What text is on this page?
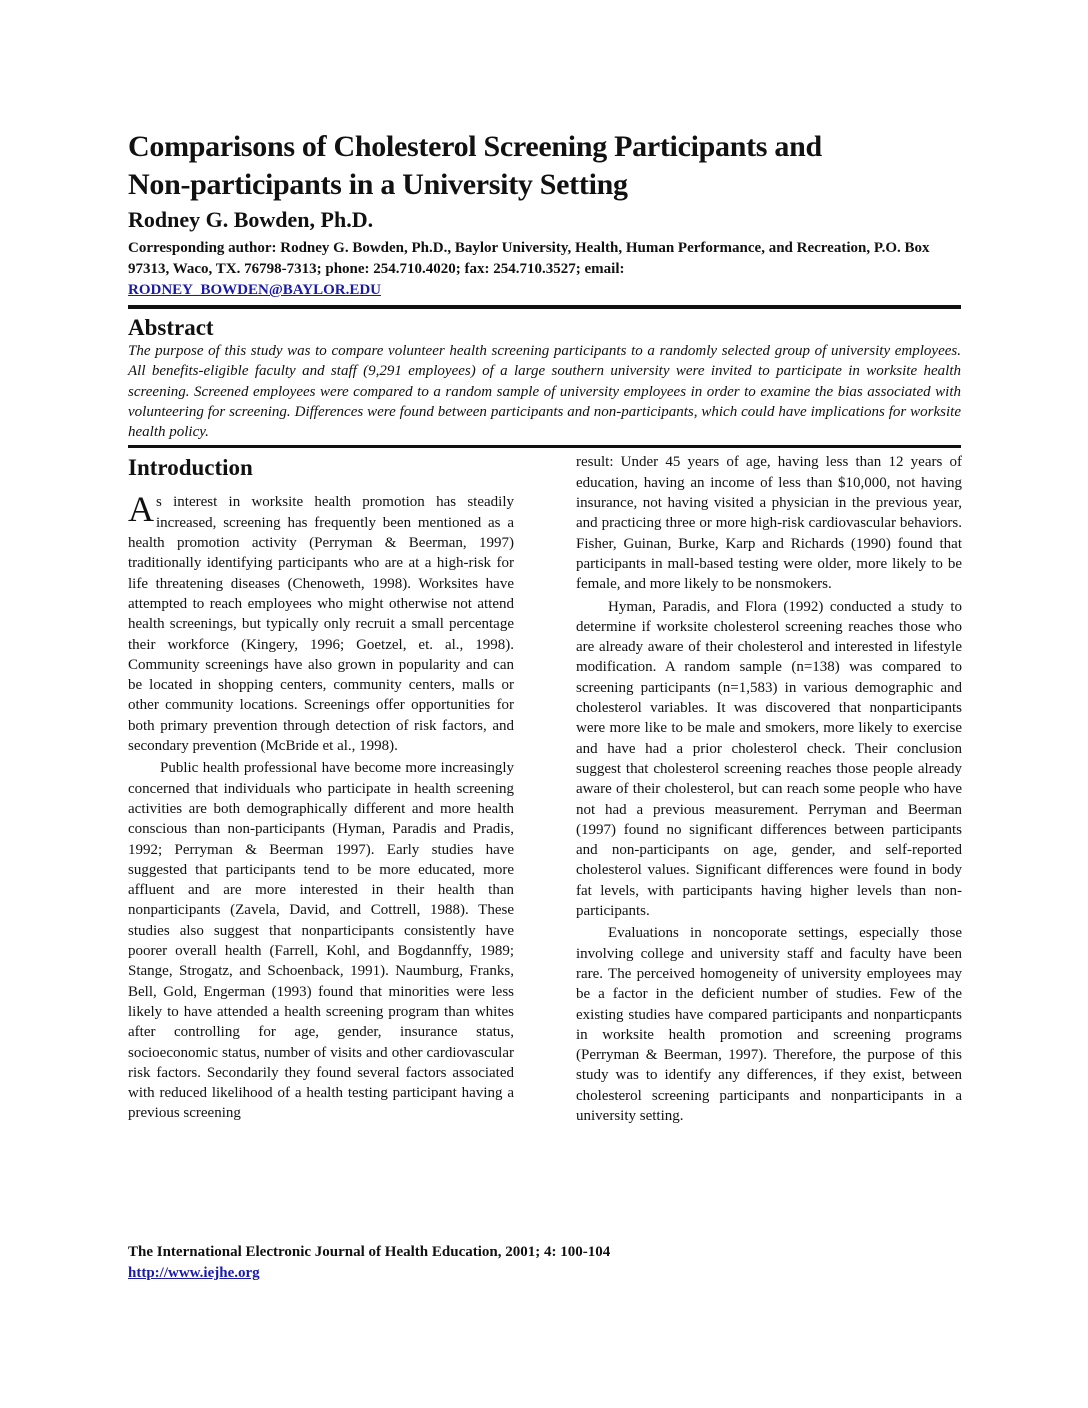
Comparisons of Cholesterol Screening Participants and
Non-participants in a University Setting
Rodney G. Bowden, Ph.D.

Corresponding author: Rodney G. Bowden, Ph.D., Baylor University, Health, Human Performance, and Recreation, P.O. Box 97313, Waco, TX. 76798-7313; phone: 254.710.4020; fax: 254.710.3527; email:
RODNEY_BOWDEN@BAYLOR.EDU

Abstract

The purpose of this study was to compare volunteer health screening participants to a randomly selected group of university employees. All benefits-eligible faculty and staff (9,291 employees) of a large southern university were invited to participate in worksite health screening. Screened employees were compared to a random sample of university employees in order to examine the bias associated with volunteering for screening. Differences were found between participants and non-participants, which could have implications for worksite health policy.

Introduction

As interest in worksite health promotion has steadily increased, screening has frequently been mentioned as a health promotion activity (Perryman & Beerman, 1997) traditionally identifying participants who are at a high-risk for life threatening diseases (Chenoweth, 1998). Worksites have attempted to reach employees who might otherwise not attend health screenings, but typically only recruit a small percentage their workforce (Kingery, 1996; Goetzel, et. al., 1998). Community screenings have also grown in popularity and can be located in shopping centers, community centers, malls or other community locations. Screenings offer opportunities for both primary prevention through detection of risk factors, and secondary prevention (McBride et al., 1998).

Public health professional have become more increasingly concerned that individuals who participate in health screening activities are both demographically different and more health conscious than non-participants (Hyman, Paradis and Pradis, 1992; Perryman & Beerman 1997). Early studies have suggested that participants tend to be more educated, more affluent and are more interested in their health than nonparticipants (Zavela, David, and Cottrell, 1988). These studies also suggest that nonparticipants consistently have poorer overall health (Farrell, Kohl, and Bogdannffy, 1989; Stange, Strogatz, and Schoenback, 1991). Naumburg, Franks, Bell, Gold, Engerman (1993) found that minorities were less likely to have attended a health screening program than whites after controlling for age, gender, insurance status, socioeconomic status, number of visits and other cardiovascular risk factors. Secondarily they found several factors associated with reduced likelihood of a health testing participant having a previous screening

result: Under 45 years of age, having less than 12 years of education, having an income of less than $10,000, not having insurance, not having visited a physician in the previous year, and practicing three or more high-risk cardiovascular behaviors. Fisher, Guinan, Burke, Karp and Richards (1990) found that participants in mall-based testing were older, more likely to be female, and more likely to be nonsmokers.

Hyman, Paradis, and Flora (1992) conducted a study to determine if worksite cholesterol screening reaches those who are already aware of their cholesterol and interested in lifestyle modification. A random sample (n=138) was compared to screening participants (n=1,583) in various demographic and cholesterol variables. It was discovered that nonparticipants were more like to be male and smokers, more likely to exercise and have had a prior cholesterol check. Their conclusion suggest that cholesterol screening reaches those people already aware of their cholesterol, but can reach some people who have not had a previous measurement. Perryman and Beerman (1997) found no significant differences between participants and non-participants on age, gender, and self-reported cholesterol values. Significant differences were found in body fat levels, with participants having higher levels than non-participants.

Evaluations in noncoporate settings, especially those involving college and university staff and faculty have been rare. The perceived homogeneity of university employees may be a factor in the deficient number of studies. Few of the existing studies have compared participants and nonparticpants in worksite health promotion and screening programs (Perryman & Beerman, 1997). Therefore, the purpose of this study was to identify any differences, if they exist, between cholesterol screening participants and nonparticipants in a university setting.

The International Electronic Journal of Health Education, 2001; 4: 100-104
http://www.iejhe.org
